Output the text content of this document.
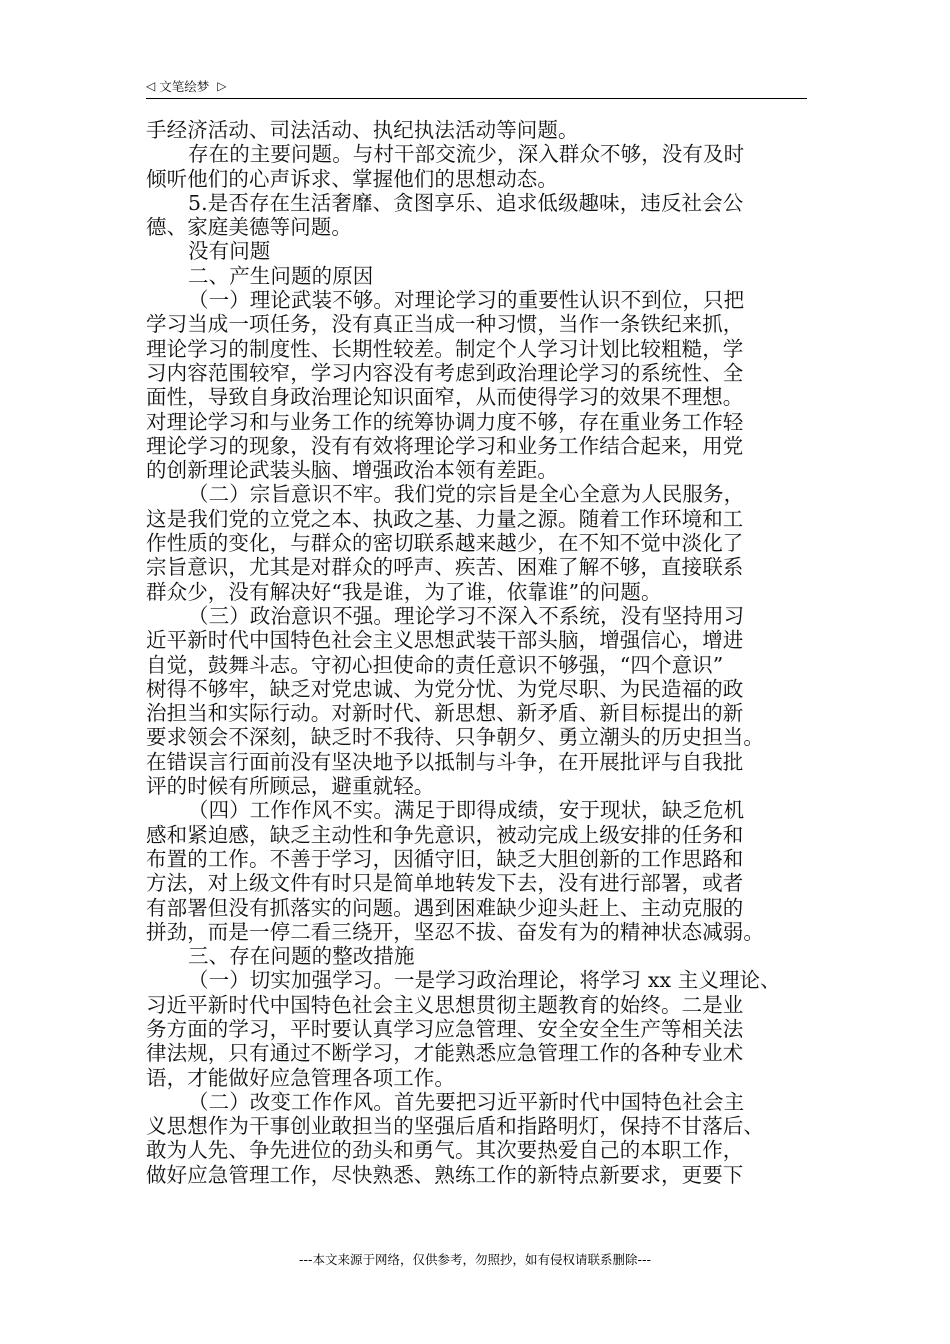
◁ 文笔绘梦 ▷
手经济活动、司法活动、执纪执法活动等问题。
存在的主要问题。与村干部交流少，深入群众不够，没有及时
倾听他们的心声诉求、掌握他们的思想动态。
5.是否存在生活奢靡、贪图享乐、追求低级趣味，违反社会公
德、家庭美德等问题。
没有问题
二、产生问题的原因
（一）理论武装不够。对理论学习的重要性认识不到位，只把
学习当成一项任务，没有真正当成一种习惯，当作一条铁纪来抓，
理论学习的制度性、长期性较差。制定个人学习计划比较粗糙，学
习内容范围较窄，学习内容没有考虑到政治理论学习的系统性、全
面性，导致自身政治理论知识面窄，从而使得学习的效果不理想。
对理论学习和与业务工作的统筹协调力度不够，存在重业务工作轻
理论学习的现象，没有有效将理论学习和业务工作结合起来，用党
的创新理论武装头脑、增强政治本领有差距。
（二）宗旨意识不牢。我们党的宗旨是全心全意为人民服务，
这是我们党的立党之本、执政之基、力量之源。随着工作环境和工
作性质的变化，与群众的密切联系越来越少，在不知不觉中淡化了
宗旨意识，尤其是对群众的呼声、疾苦、困难了解不够，直接联系
群众少，没有解决好“我是谁，为了谁，依靠谁”的问题。
（三）政治意识不强。理论学习不深入不系统，没有坚持用习
近平新时代中国特色社会主义思想武装干部头脑，增强信心，增进
自觉，鼓舞斗志。守初心担使命的责任意识不够强，“四个意识”
树得不够牢，缺乏对党忠诚、为党分忧、为党尽职、为民造福的政
治担当和实际行动。对新时代、新思想、新矛盾、新目标提出的新
要求领会不深刻，缺乏时不我待、只争朝夕、勇立潮头的历史担当。
在错误言行面前没有坚决地予以抵制与斗争，在开展批评与自我批
评的时候有所顾忌，避重就轻。
（四）工作作风不实。满足于即得成绩，安于现状，缺乏危机
感和紧迫感，缺乏主动性和争先意识，被动完成上级安排的任务和
布置的工作。不善于学习，因循守旧，缺乏大胆创新的工作思路和
方法，对上级文件有时只是简单地转发下去，没有进行部署，或者
有部署但没有抓落实的问题。遇到困难缺少迎头赶上、主动克服的
拼劲，而是一停二看三绕开，坚忍不拔、奋发有为的精神状态减弱。
三、存在问题的整改措施
（一）切实加强学习。一是学习政治理论，将学习 xx 主义理论、
习近平新时代中国特色社会主义思想贯彻主题教育的始终。二是业
务方面的学习，平时要认真学习应急管理、安全安全生产等相关法
律法规，只有通过不断学习，才能熟悉应急管理工作的各种专业术
语，才能做好应急管理各项工作。
（二）改变工作作风。首先要把习近平新时代中国特色社会主
义思想作为干事创业敢担当的坚强后盾和指路明灯，保持不甘落后、
敢为人先、争先进位的劲头和勇气。其次要热爱自己的本职工作，
做好应急管理工作，尽快熟悉、熟练工作的新特点新要求，更要下
---本文来源于网络，仅供参考，勿照抄，如有侵权请联系删除---
